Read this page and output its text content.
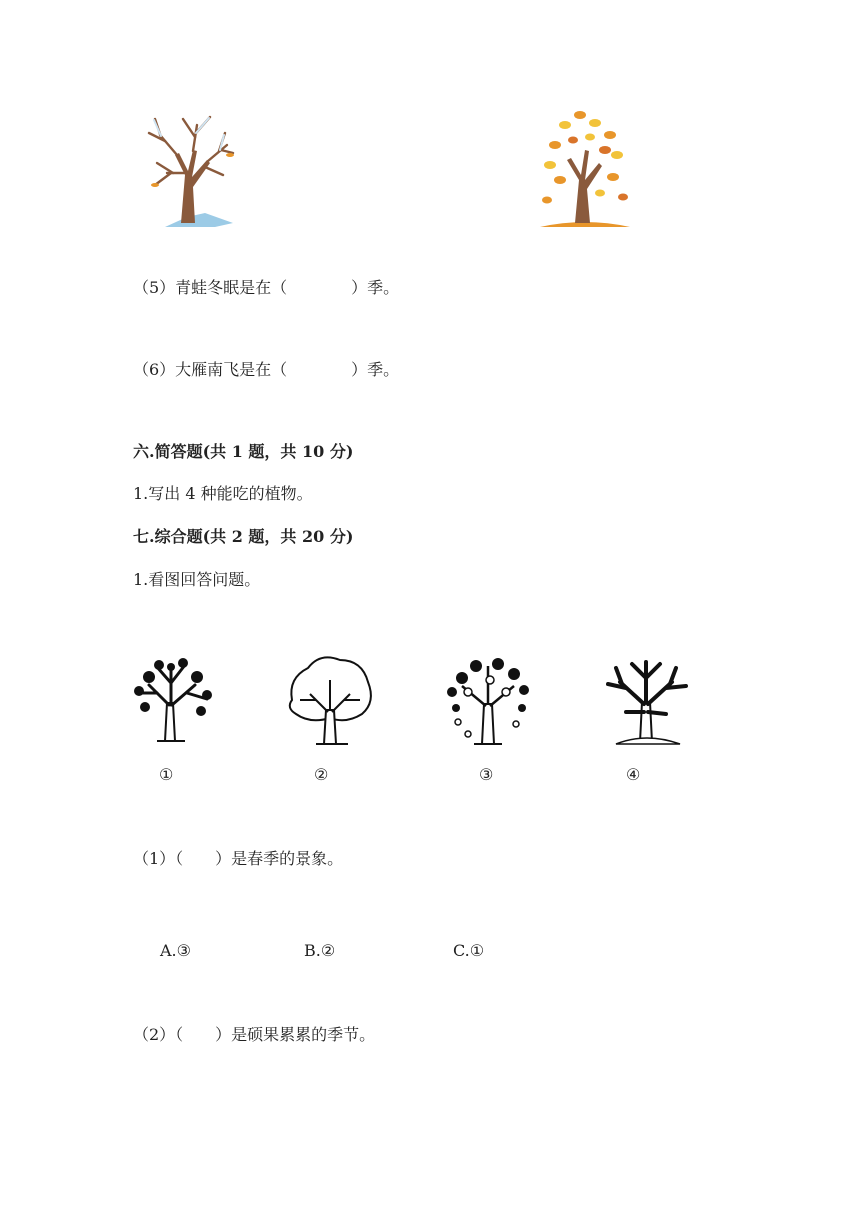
（5）青蛙冬眠是在（　　　　）季。
（6）大雁南飞是在（　　　　）季。
六.简答题(共 1 题，共 10 分)
1.写出 4 种能吃的植物。
七.综合题(共 2 题，共 20 分)
1.看图回答问题。
①	②	③	④
（1）（　　）是春季的景象。
A.③	B.②	C.①
（2）（　　）是硕果累累的季节。
